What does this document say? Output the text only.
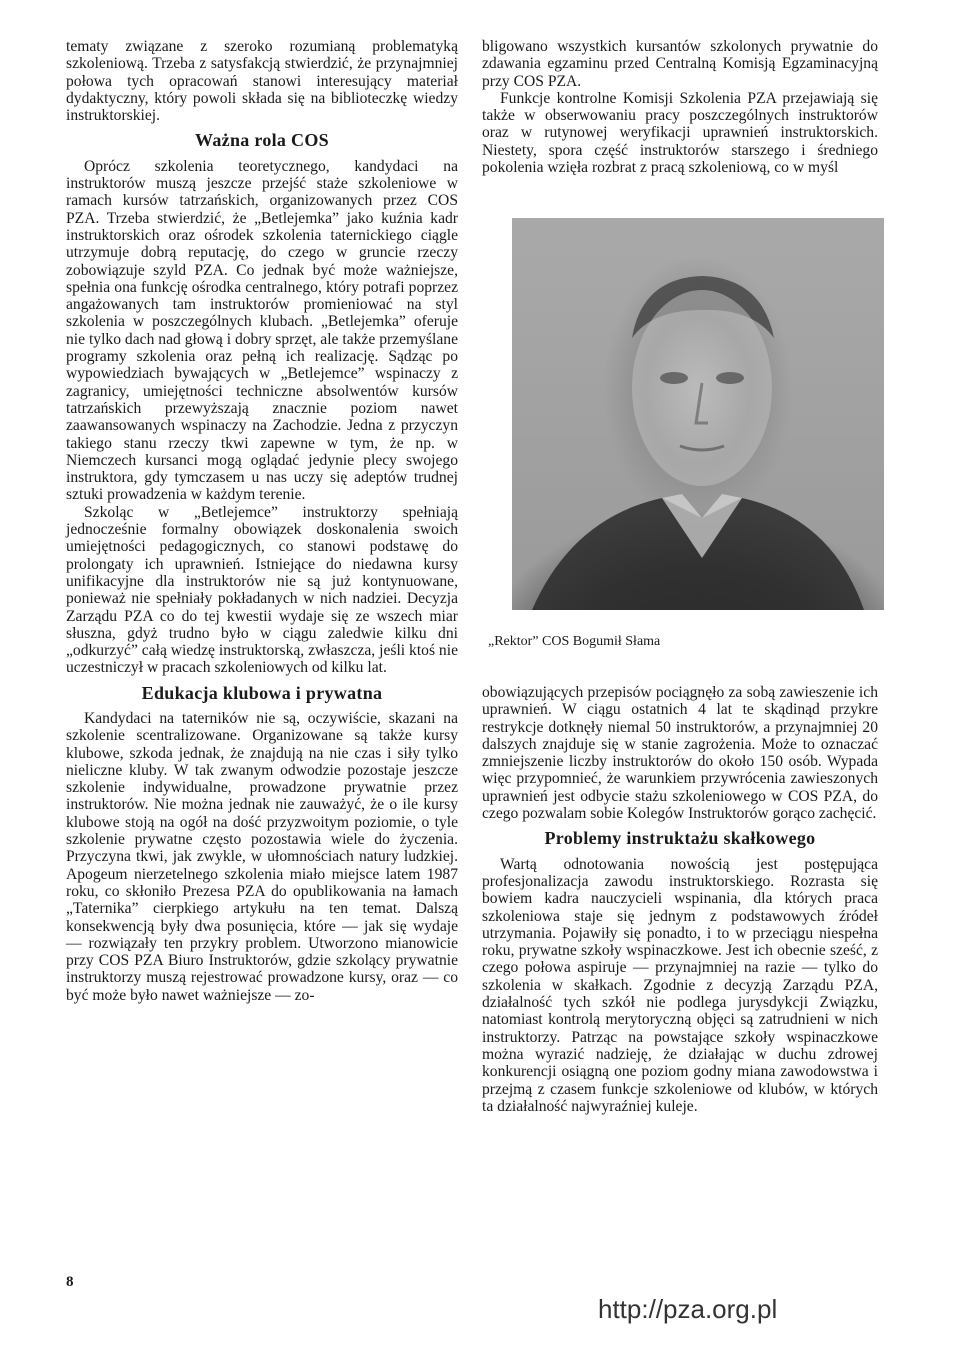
tematy związane z szeroko rozumianą problematyką szkoleniową. Trzeba z satysfakcją stwierdzić, że przynajmniej połowa tych opracowań stanowi interesujący materiał dydaktyczny, który powoli składa się na biblioteczkę wiedzy instruktorskiej.

Ważna rola COS

Oprócz szkolenia teoretycznego, kandydaci na instruktorów muszą jeszcze przejść staże szkoleniowe w ramach kursów tatrzańskich, organizowanych przez COS PZA. Trzeba stwierdzić, że „Betlejemka” jako kuźnia kadr instruktorskich oraz ośrodek szkolenia taternickiego ciągle utrzymuje dobrą reputację, do czego w gruncie rzeczy zobowiązuje szyld PZA. Co jednak być może ważniejsze, spełnia ona funkcję ośrodka centralnego, który potrafi poprzez angażowanych tam instruktorów promieniować na styl szkolenia w poszczególnych klubach. „Betlejemka” oferuje nie tylko dach nad głową i dobry sprzęt, ale także przemyślane programy szkolenia oraz pełną ich realizację. Sądząc po wypowiedziach bywających w „Betlejemce” wspinaczy z zagranicy, umiejętności techniczne absolwentów kursów tatrzańskich przewyższają znacznie poziom nawet zaawansowanych wspinaczy na Zachodzie. Jedna z przyczyn takiego stanu rzeczy tkwi zapewne w tym, że np. w Niemczech kursanci mogą oglądać jedynie plecy swojego instruktora, gdy tymczasem u nas uczy się adeptów trudnej sztuki prowadzenia w każdym terenie.

Szkoląc w „Betlejemce” instruktorzy spełniają jednocześnie formalny obowiązek doskonalenia swoich umiejętności pedagogicznych, co stanowi podstawę do prolongaty ich uprawnień. Istniejące do niedawna kursy unifikacyjne dla instruktorów nie są już kontynuowane, ponieważ nie spełniały pokładanych w nich nadziei. Decyzja Zarządu PZA co do tej kwestii wydaje się ze wszech miar słuszna, gdyż trudno było w ciągu zaledwie kilku dni „odkurzyć” całą wiedzę instruktorską, zwłaszcza, jeśli ktoś nie uczestniczył w pracach szkoleniowych od kilku lat.

Edukacja klubowa i prywatna

Kandydaci na taterników nie są, oczywiście, skazani na szkolenie scentralizowane. Organizowane są także kursy klubowe, szkoda jednak, że znajdują na nie czas i siły tylko nieliczne kluby. W tak zwanym odwodzie pozostaje jeszcze szkolenie indywidualne, prowadzone prywatnie przez instruktorów. Nie można jednak nie zauważyć, że o ile kursy klubowe stoją na ogół na dość przyzwoitym poziomie, o tyle szkolenie prywatne często pozostawia wiele do życzenia. Przyczyna tkwi, jak zwykle, w ułomnościach natury ludzkiej. Apogeum nierzetelnego szkolenia miało miejsce latem 1987 roku, co skłoniło Prezesa PZA do opublikowania na łamach „Taternika” cierpkiego artykułu na ten temat. Dalszą konsekwencją były dwa posunięcia, które — jak się wydaje — rozwiązały ten przykry problem. Utworzono mianowicie przy COS PZA Biuro Instruktorów, gdzie szkolący prywatnie instruktorzy muszą rejestrować prowadzone kursy, oraz — co być może było nawet ważniejsze — zo-

bligowano wszystkich kursantów szkolonych prywatnie do zdawania egzaminu przed Centralną Komisją Egzaminacyjną przy COS PZA.

Funkcje kontrolne Komisji Szkolenia PZA przejawiają się także w obserwowaniu pracy poszczególnych instruktorów oraz w rutynowej weryfikacji uprawnień instruktorskich. Niestety, spora część instruktorów starszego i średniego pokolenia wzięła rozbrat z pracą szkoleniową, co w myśl

„Rektor” COS Bogumił Słama

obowiązujących przepisów pociągnęło za sobą zawieszenie ich uprawnień. W ciągu ostatnich 4 lat te skądinąd przykre restrykcje dotknęły niemal 50 instruktorów, a przynajmniej 20 dalszych znajduje się w stanie zagrożenia. Może to oznaczać zmniejszenie liczby instruktorów do około 150 osób. Wypada więc przypomnieć, że warunkiem przywrócenia zawieszonych uprawnień jest odbycie stażu szkoleniowego w COS PZA, do czego pozwalam sobie Kolegów Instruktorów gorąco zachęcić.

Problemy instruktażu skałkowego

Wartą odnotowania nowością jest postępująca profesjonalizacja zawodu instruktorskiego. Rozrasta się bowiem kadra nauczycieli wspinania, dla których praca szkoleniowa staje się jednym z podstawowych źródeł utrzymania. Pojawiły się ponadto, i to w przeciągu niespełna roku, prywatne szkoły wspinaczkowe. Jest ich obecnie sześć, z czego połowa aspiruje — przynajmniej na razie — tylko do szkolenia w skałkach. Zgodnie z decyzją Zarządu PZA, działalność tych szkół nie podlega jurysdykcji Związku, natomiast kontrolą merytoryczną objęci są zatrudnieni w nich instruktorzy. Patrząc na powstające szkoły wspinaczkowe można wyrazić nadzieję, że działając w duchu zdrowej konkurencji osiągną one poziom godny miana zawodowstwa i przejmą z czasem funkcje szkoleniowe od klubów, w których ta działalność najwyraźniej kuleje.

8
http://pza.org.pl
